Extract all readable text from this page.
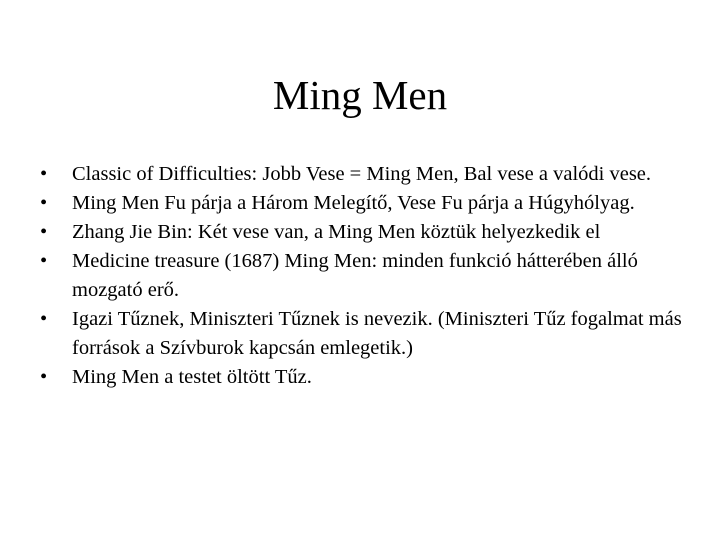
Ming Men
•	Classic of Difficulties: Jobb Vese = Ming Men, Bal vese a valódi vese.
•	Ming Men Fu párja a Három Melegítő, Vese Fu párja a Húgyhólyag.
•	Zhang Jie Bin: Két vese van, a Ming Men köztük helyezkedik el
•	Medicine treasure (1687) Ming Men: minden funkció hátterében álló mozgató erő.
•	Igazi Tűznek, Miniszteri Tűznek is nevezik. (Miniszteri Tűz fogalmat más források a Szívburok kapcsán emlegetik.)
•	Ming Men a testet öltött Tűz.
